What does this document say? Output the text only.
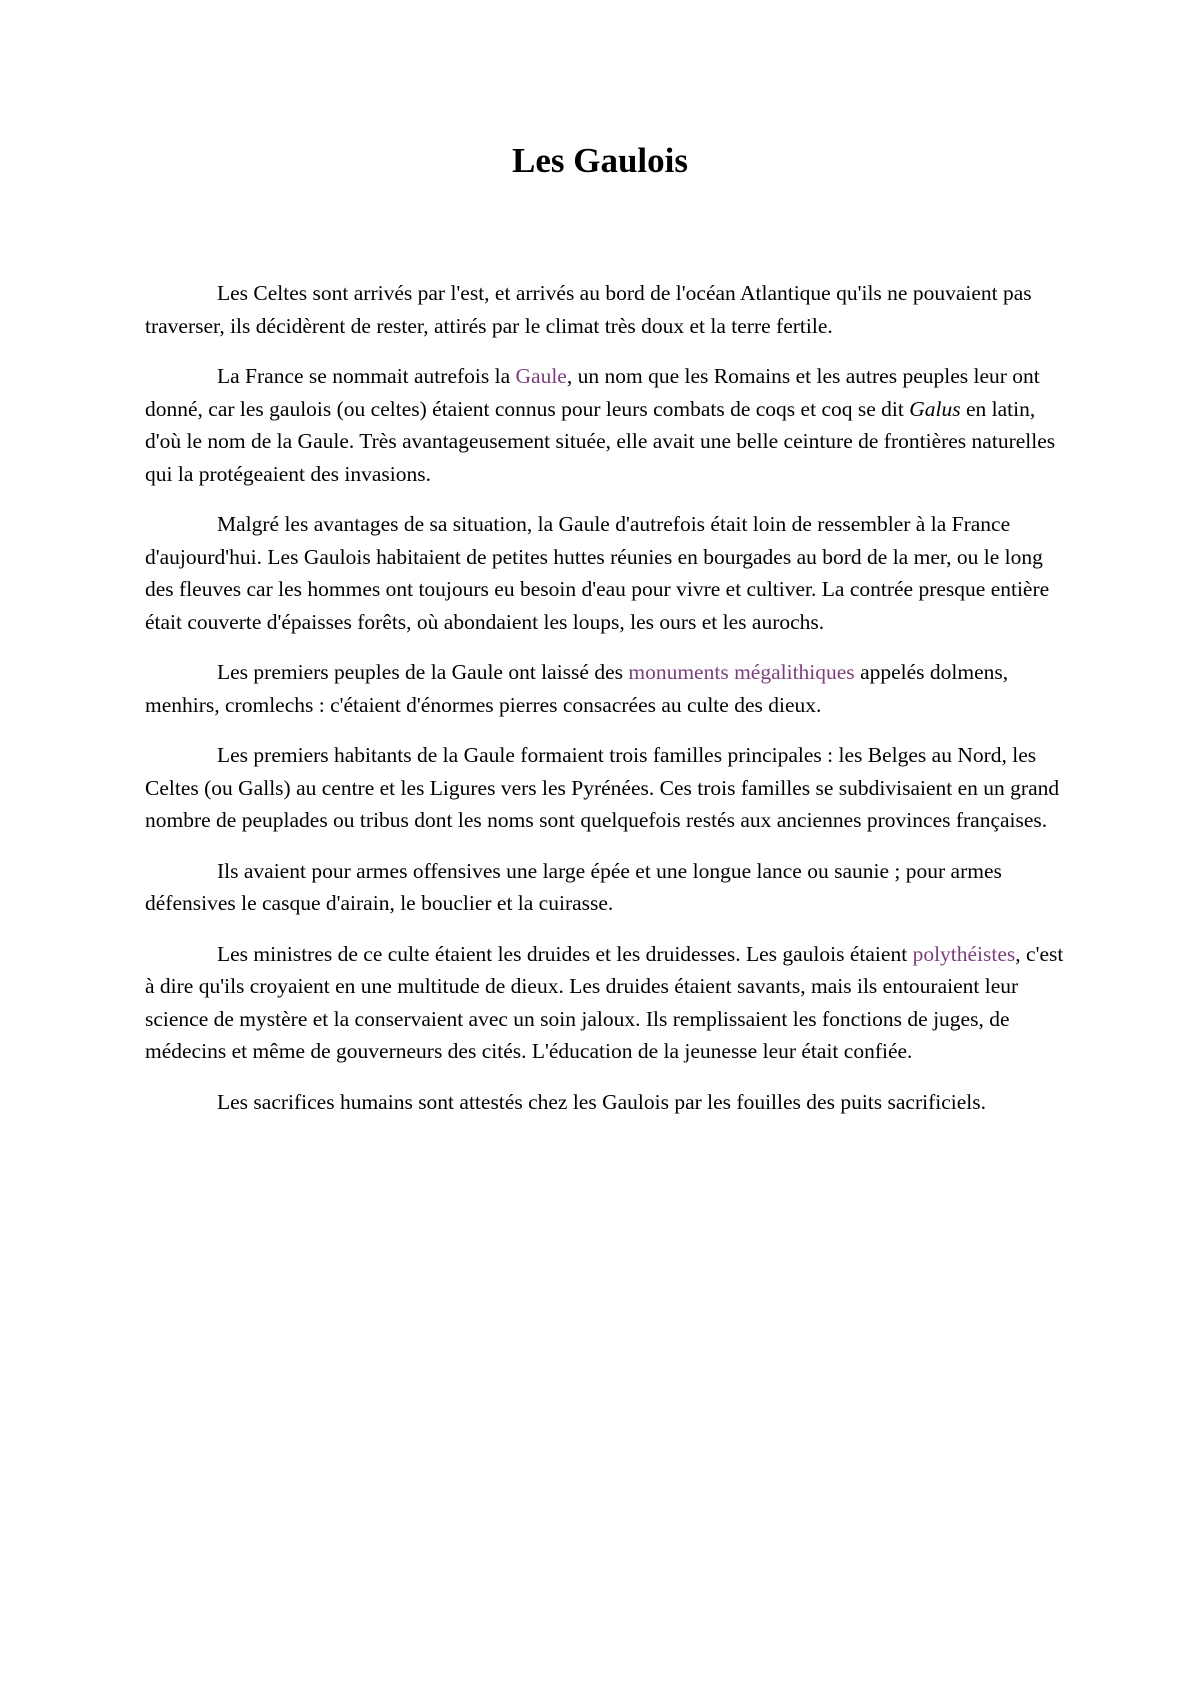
Les Gaulois

Les Celtes sont arrivés par l'est, et arrivés au bord de l'océan Atlantique qu'ils ne pouvaient pas traverser, ils décidèrent de rester, attirés par le climat très doux et la terre fertile.

La France se nommait autrefois la Gaule, un nom que les Romains et les autres peuples leur ont donné, car les gaulois (ou celtes) étaient connus pour leurs combats de coqs et coq se dit Galus en latin, d'où le nom de la Gaule. Très avantageusement située, elle avait une belle ceinture de frontières naturelles qui la protégeaient des invasions.

Malgré les avantages de sa situation, la Gaule d'autrefois était loin de ressembler à la France d'aujourd'hui. Les Gaulois habitaient de petites huttes réunies en bourgades au bord de la mer, ou le long des fleuves car les hommes ont toujours eu besoin d'eau pour vivre et cultiver. La contrée presque entière était couverte d'épaisses forêts, où abondaient les loups, les ours et les aurochs.

Les premiers peuples de la Gaule ont laissé des monuments mégalithiques appelés dolmens, menhirs, cromlechs : c'étaient d'énormes pierres consacrées au culte des dieux.

Les premiers habitants de la Gaule formaient trois familles principales : les Belges au Nord, les Celtes (ou Galls) au centre et les Ligures vers les Pyrénées. Ces trois familles se subdivisaient en un grand nombre de peuplades ou tribus dont les noms sont quelquefois restés aux anciennes provinces françaises.

Ils avaient pour armes offensives une large épée et une longue lance ou saunie ; pour armes défensives le casque d'airain, le bouclier et la cuirasse.

Les ministres de ce culte étaient les druides et les druidesses. Les gaulois étaient polythéistes, c'est à dire qu'ils croyaient en une multitude de dieux. Les druides étaient savants, mais ils entouraient leur science de mystère et la conservaient avec un soin jaloux. Ils remplissaient les fonctions de juges, de médecins et même de gouverneurs des cités. L'éducation de la jeunesse leur était confiée.

Les sacrifices humains sont attestés chez les Gaulois par les fouilles des puits sacrificiels.
